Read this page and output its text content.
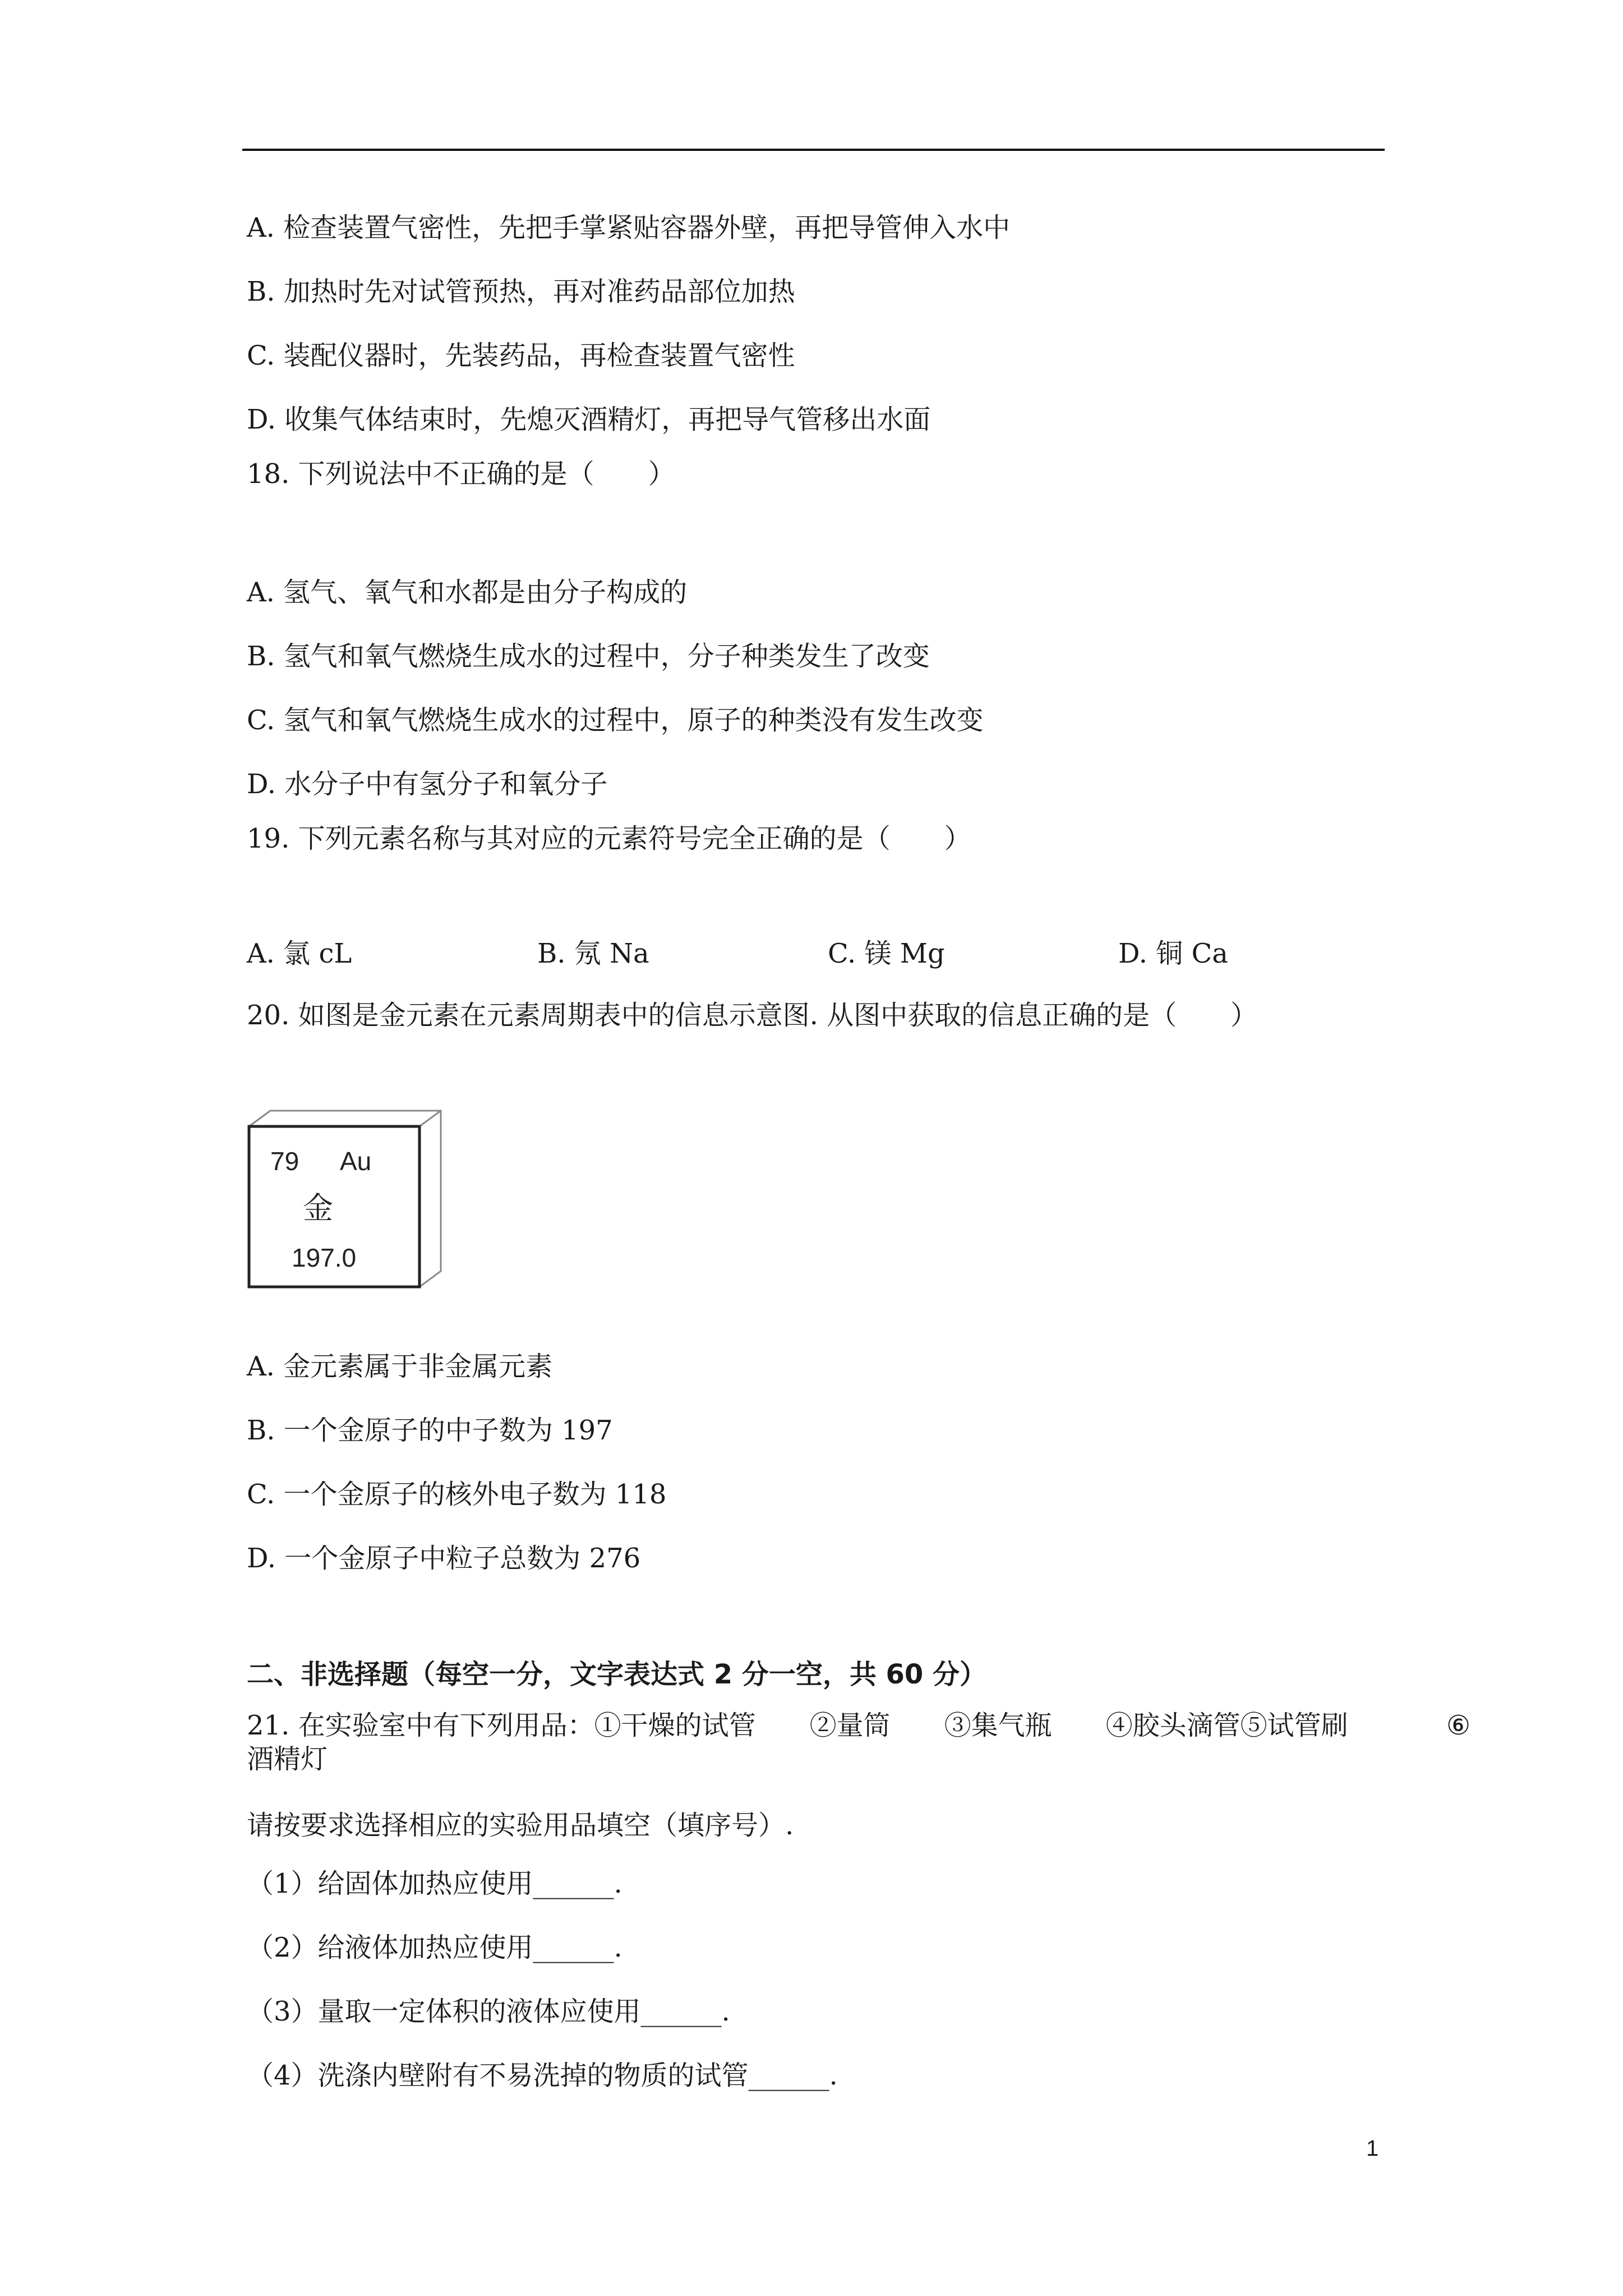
A. 检查装置气密性，先把手掌紧贴容器外壁，再把导管伸入水中
B. 加热时先对试管预热，再对准药品部位加热
C. 装配仪器时，先装药品，再检查装置气密性
D. 收集气体结束时，先熄灭酒精灯，再把导气管移出水面
18. 下列说法中不正确的是（　　）
A. 氢气、氧气和水都是由分子构成的
B. 氢气和氧气燃烧生成水的过程中，分子种类发生了改变
C. 氢气和氧气燃烧生成水的过程中，原子的种类没有发生改变
D. 水分子中有氢分子和氧分子
19. 下列元素名称与其对应的元素符号完全正确的是（　　）
A. 氯 cL	B. 氖 Na	C. 镁 Mg	D. 铜 Ca
20. 如图是金元素在元素周期表中的信息示意图. 从图中获取的信息正确的是（　　）
79 Au
金
197.0
A. 金元素属于非金属元素
B. 一个金原子的中子数为 197
C. 一个金原子的核外电子数为 118
D. 一个金原子中粒子总数为 276
二、非选择题（每空一分，文字表达式 2 分一空，共 60 分）
21. 在实验室中有下列用品：①干燥的试管　　②量筒　　③集气瓶　　④胶头滴管⑤试管刷	⑥
酒精灯
请按要求选择相应的实验用品填空（填序号）.
（1）给固体加热应使用______.
（2）给液体加热应使用______.
（3）量取一定体积的液体应使用______.
（4）洗涤内壁附有不易洗掉的物质的试管______.
1
